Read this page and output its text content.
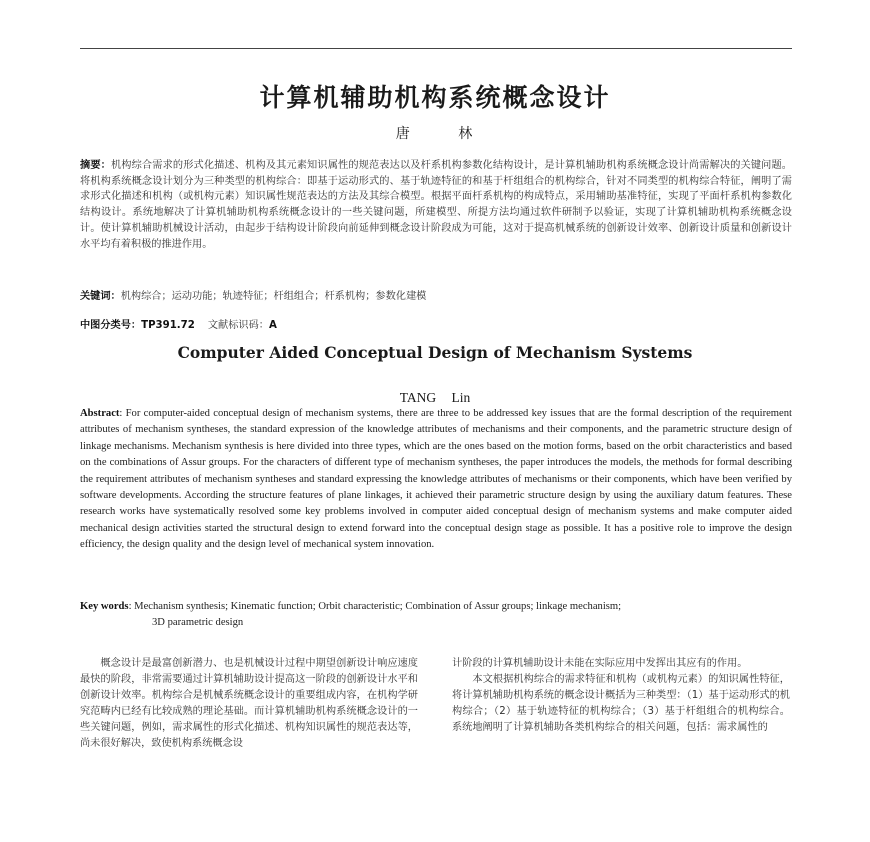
计算机辅助机构系统概念设计
唐 林
摘要：机构综合需求的形式化描述、机构及其元素知识属性的规范表达以及杆系机构参数化结构设计，是计算机辅助机构系统概念设计尚需解决的关键问题。将机构系统概念设计划分为三种类型的机构综合：即基于运动形式的、基于轨迹特征的和基于杆组组合的机构综合，针对不同类型的机构综合特征，阐明了需求形式化描述和机构（或机构元素）知识属性规范表达的方法及其综合模型。根据平面杆系机构的构成特点，采用辅助基准特征，实现了平面杆系机构参数化结构设计。系统地解决了计算机辅助机构系统概念设计的一些关键问题，所建模型、所提方法均通过软件研制予以验证，实现了计算机辅助机构系统概念设计。使计算机辅助机械设计活动，由起步于结构设计阶段向前延伸到概念设计阶段成为可能，这对于提高机械系统的创新设计效率、创新设计质量和创新设计水平均有着积极的推进作用。
关键词：机构综合；运动功能；轨迹特征；杆组组合；杆系机构；参数化建模
中图分类号：TP391.72 文献标识码：A
Computer Aided Conceptual Design of Mechanism Systems
TANG Lin
Abstract: For computer-aided conceptual design of mechanism systems, there are three to be addressed key issues that are the formal description of the requirement attributes of mechanism syntheses, the standard expression of the knowledge attributes of mechanisms and their components, and the parametric structure design of linkage mechanisms. Mechanism synthesis is here divided into three types, which are the ones based on the motion forms, based on the orbit characteristics and based on the combinations of Assur groups. For the characters of different type of mechanism syntheses, the paper introduces the models, the methods for formal describing the requirement attributes of mechanism syntheses and standard expressing the knowledge attributes of mechanisms or their components, which have been verified by software developments. According the structure features of plane linkages, it achieved their parametric structure design by using the auxiliary datum features. These research works have systematically resolved some key problems involved in computer aided conceptual design of mechanism systems and make computer aided mechanical design activities started the structural design to extend forward into the conceptual design stage as possible. It has a positive role to improve the design efficiency, the design quality and the design level of mechanical system innovation.
Key words: Mechanism synthesis; Kinematic function; Orbit characteristic; Combination of Assur groups; linkage mechanism;
3D parametric design

概念设计是最富创新潜力、也是机械设计过程中期望创新设计响应速度最快的阶段，非常需要通过计算机辅助设计提高这一阶段的创新设计水平和创新设计效率。机构综合是机械系统概念设计的重要组成内容，在机构学研究范畴内已经有比较成熟的理论基础。而计算机辅助机构系统概念设计的一些关键问题，例如，需求属性的形式化描述、机构知识属性的规范表达等，尚未很好解决，致使机构系统概念设

计阶段的计算机辅助设计未能在实际应用中发挥出其应有的作用。

本文根据机构综合的需求特征和机构（或机构元素）的知识属性特征，将计算机辅助机构系统的概念设计概括为三种类型：（1）基于运动形式的机构综合；（2）基于轨迹特征的机构综合；（3）基于杆组组合的机构综合。系统地阐明了计算机辅助各类机构综合的相关问题，包括：需求属性的
